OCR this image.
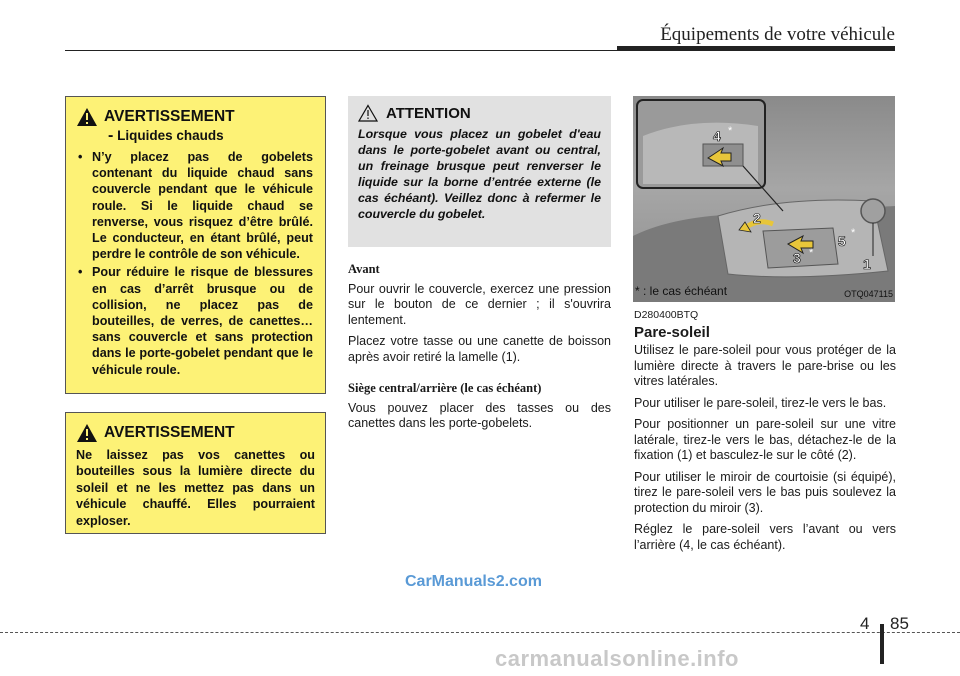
Équipements de votre véhicule
AVERTISSEMENT
- Liquides chauds
• N’y placez pas de gobelets contenant du liquide chaud sans couvercle pendant que le véhicule roule. Si le liquide chaud se renverse, vous risquez d’être brûlé. Le conducteur, en étant brûlé, peut perdre le contrôle de son véhicule.
• Pour réduire le risque de blessures en cas d’arrêt brusque ou de collision, ne placez pas de bouteilles, de verres, de canettes…sans couvercle et sans protection dans le porte-gobelet pendant que le véhicule roule.
AVERTISSEMENT
Ne laissez pas vos canettes ou bouteilles sous la lumière directe du soleil et ne les mettez pas dans un véhicule chauffé. Elles pourraient exploser.
ATTENTION
Lorsque vous placez un gobelet d'eau dans le porte-gobelet avant ou central, un freinage brusque peut renverser le liquide sur la borne d’entrée externe (le cas échéant). Veillez donc à refermer le couvercle du gobelet.
Avant

Pour ouvrir le couvercle, exercez une pression sur le bouton de ce dernier ; il s'ouvrira lentement.

Placez votre tasse ou une canette de boisson après avoir retiré la lamelle (1).

Siège central/arrière (le cas échéant)

Vous pouvez placer des tasses ou des canettes dans les porte-gobelets.

1
2
3
4
5
*
*
*
* : le cas échéant	OTQ047115
D280400BTQ
Pare-soleil

Utilisez le pare-soleil pour vous protéger de la lumière directe à travers le pare-brise ou les vitres latérales.

Pour utiliser le pare-soleil, tirez-le vers le bas.

Pour positionner un pare-soleil sur une vitre latérale, tirez-le vers le bas, détachez-le de la fixation (1) et basculez-le sur le côté (2).

Pour utiliser le miroir de courtoisie (si équipé), tirez le pare-soleil vers le bas puis soulevez la protection du miroir (3).

Réglez le pare-soleil vers l’avant ou vers l’arrière (4, le cas échéant).

CarManuals2.com
4 85
carmanualsonline.info
